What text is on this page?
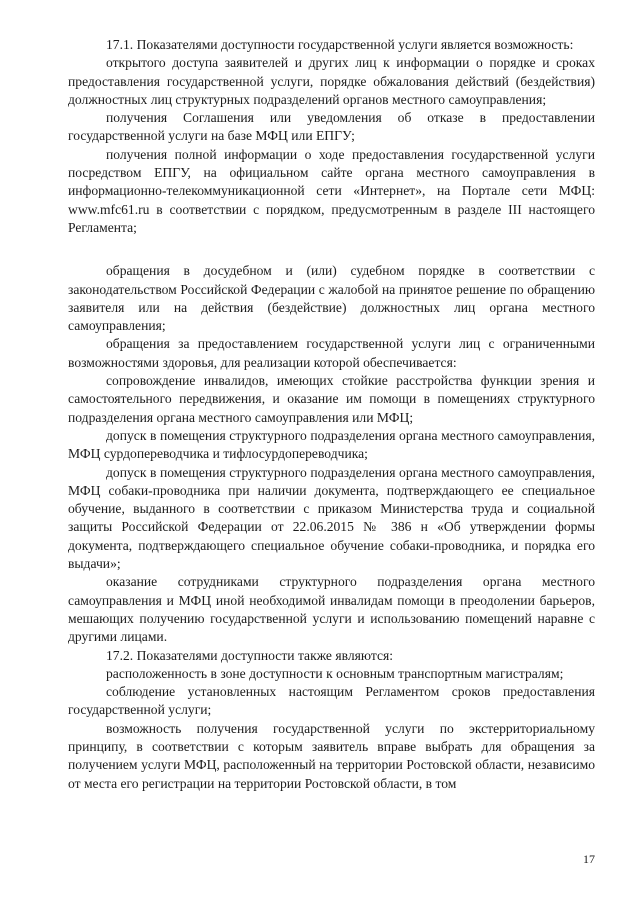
17.1. Показателями доступности государственной услуги является возможность:

открытого доступа заявителей и других лиц к информации о порядке и сроках предоставления государственной услуги, порядке обжалования действий (бездействия) должностных лиц структурных подразделений органов местного самоуправления;

получения Соглашения или уведомления об отказе в предоставлении государственной услуги на базе МФЦ или ЕПГУ;

получения полной информации о ходе предоставления государственной услуги посредством ЕПГУ, на официальном сайте органа местного самоуправления в информационно-телекоммуникационной сети «Интернет», на Портале сети МФЦ: www.mfc61.ru в соответствии с порядком, предусмотренным в разделе III настоящего Регламента;

обращения в досудебном и (или) судебном порядке в соответствии с законодательством Российской Федерации с жалобой на принятое решение по обращению заявителя или на действия (бездействие) должностных лиц органа местного самоуправления;

обращения за предоставлением государственной услуги лиц с ограниченными возможностями здоровья, для реализации которой обеспечивается:

сопровождение инвалидов, имеющих стойкие расстройства функции зрения и самостоятельного передвижения, и оказание им помощи в помещениях структурного подразделения органа местного самоуправления или МФЦ;

допуск в помещения структурного подразделения органа местного самоуправления, МФЦ сурдопереводчика и тифлосурдопереводчика;

допуск в помещения структурного подразделения органа местного самоуправления, МФЦ собаки-проводника при наличии документа, подтверждающего ее специальное обучение, выданного в соответствии с приказом Министерства труда и социальной защиты Российской Федерации от 22.06.2015 № 386 н «Об утверждении формы документа, подтверждающего специальное обучение собаки-проводника, и порядка его выдачи»;

оказание сотрудниками структурного подразделения органа местного самоуправления и МФЦ иной необходимой инвалидам помощи в преодолении барьеров, мешающих получению государственной услуги и использованию помещений наравне с другими лицами.

17.2. Показателями доступности также являются:

расположенность в зоне доступности к основным транспортным магистралям;

соблюдение установленных настоящим Регламентом сроков предоставления государственной услуги;

возможность получения государственной услуги по экстерриториальному принципу, в соответствии с которым заявитель вправе выбрать для обращения за получением услуги МФЦ, расположенный на территории Ростовской области, независимо от места его регистрации на территории Ростовской области, в том

17
